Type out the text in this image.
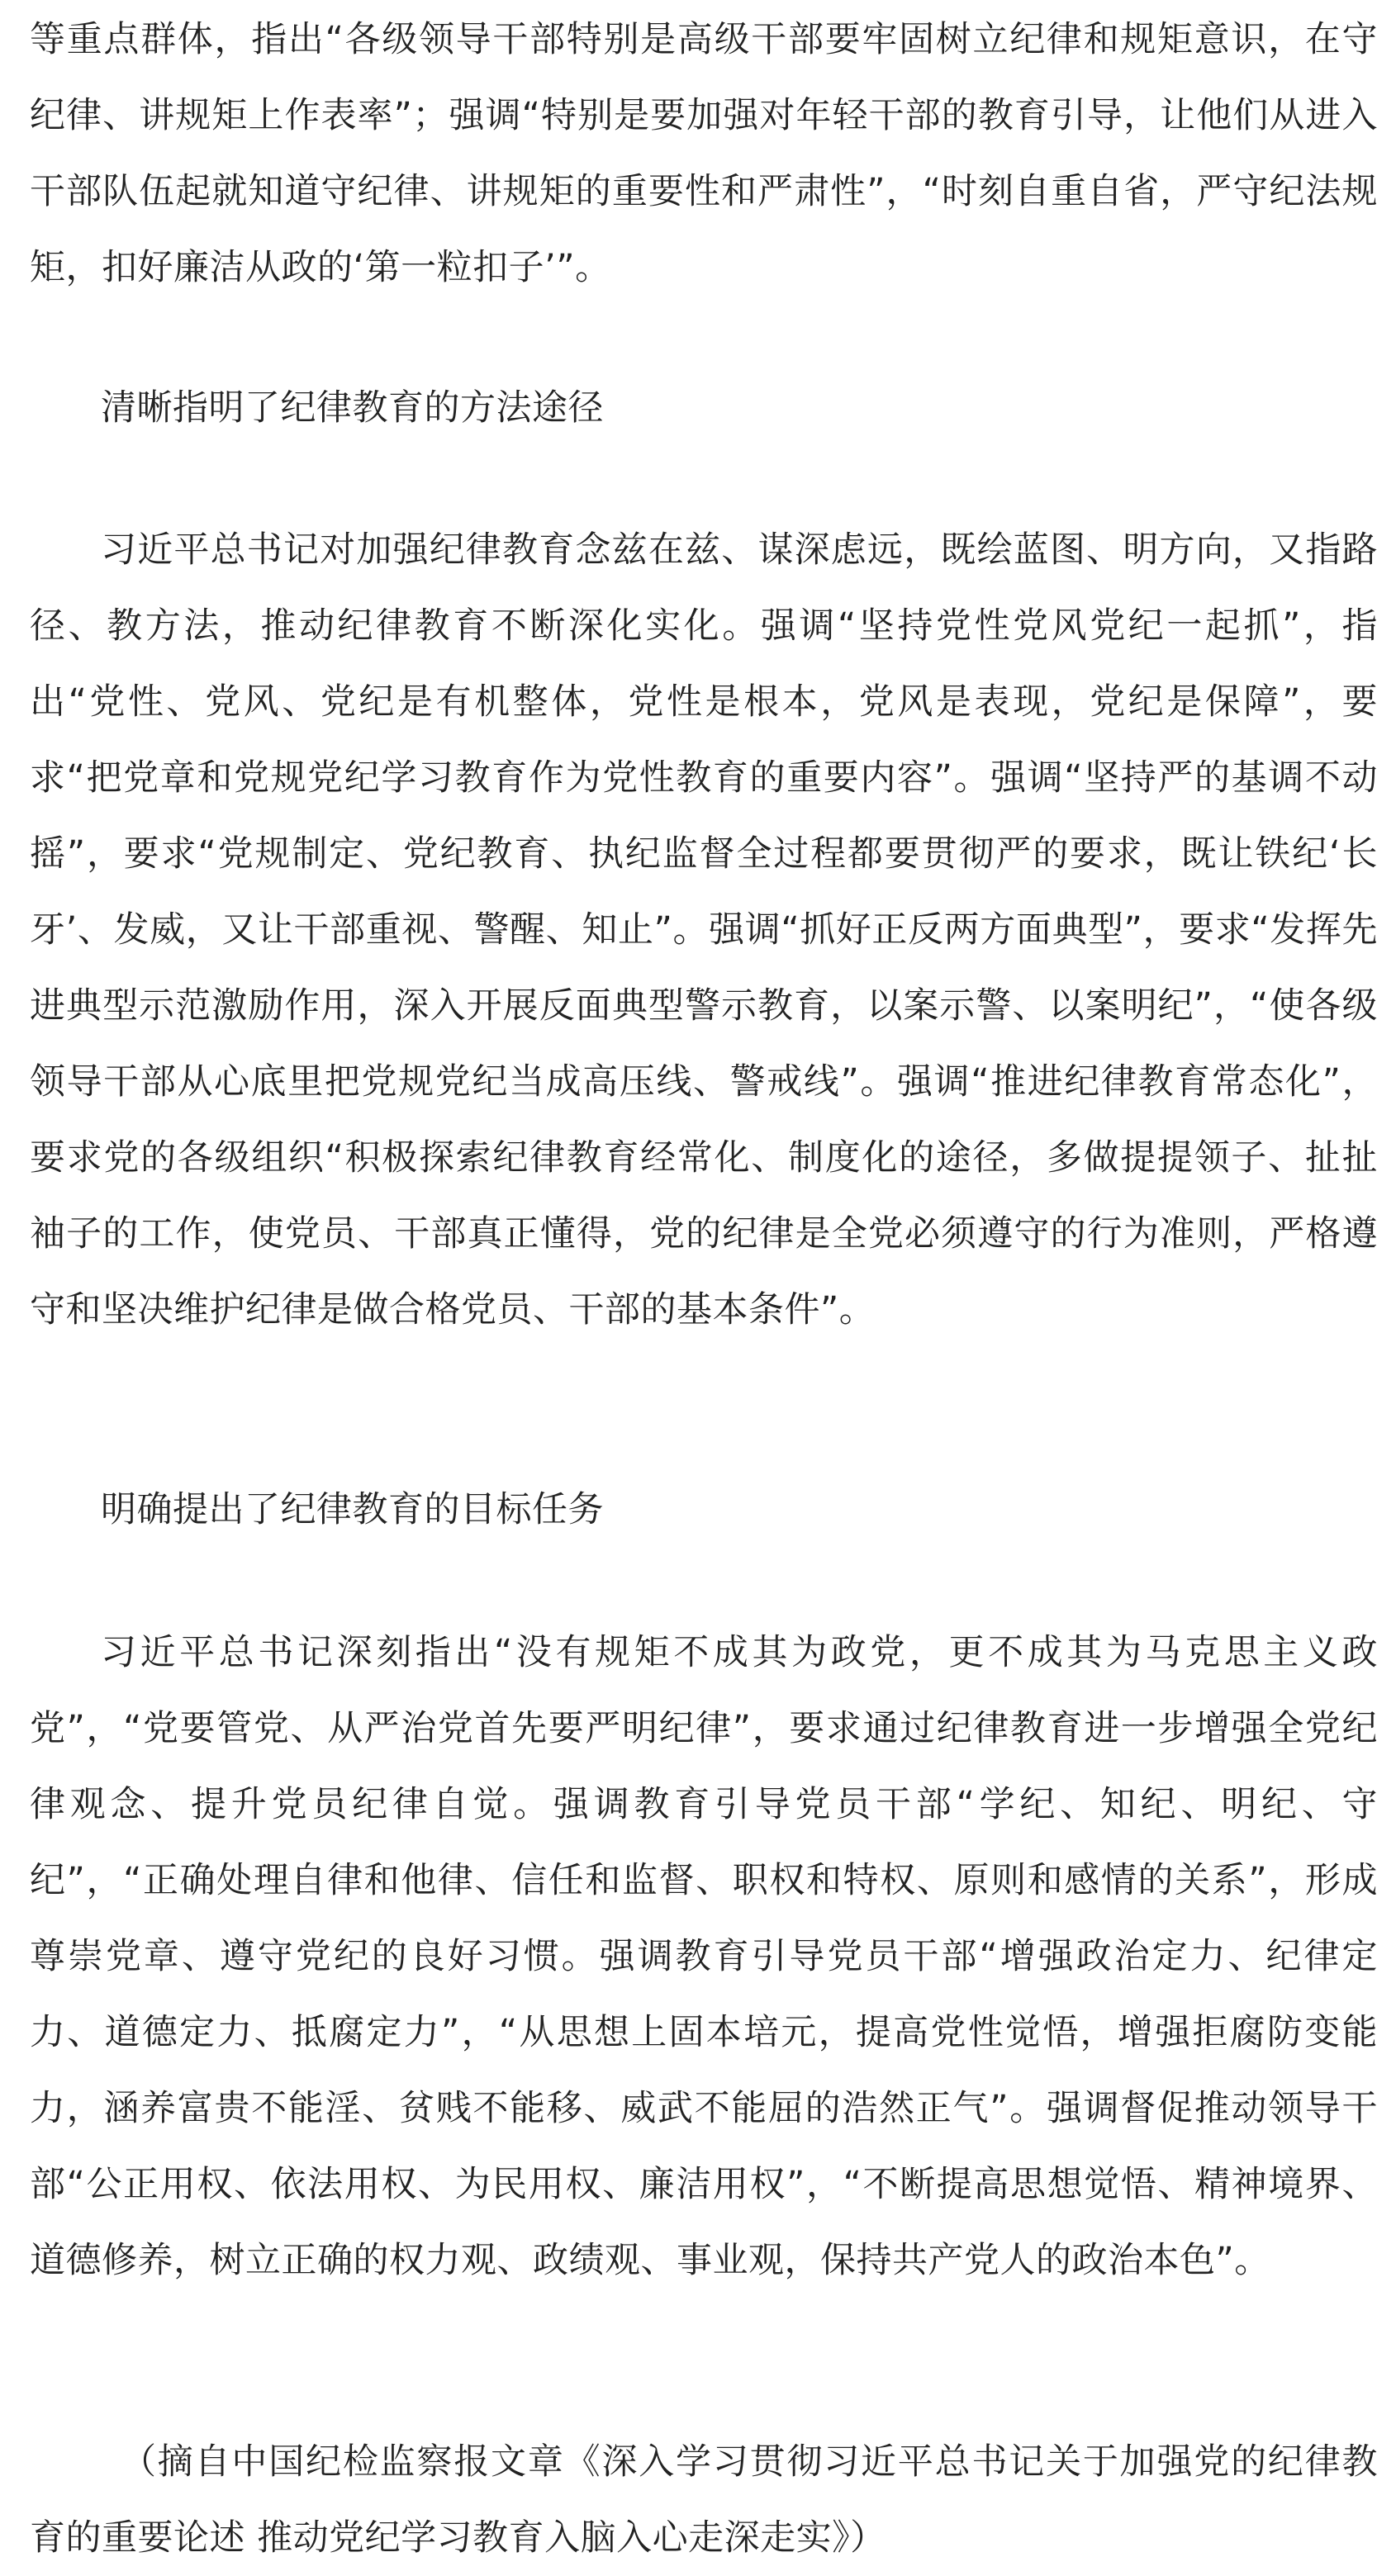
等重点群体，指出“各级领导干部特别是高级干部要牢固树立纪律和规矩意识，在守纪律、讲规矩上作表率”；强调“特别是要加强对年轻干部的教育引导，让他们从进入干部队伍起就知道守纪律、讲规矩的重要性和严肃性”，“时刻自重自省，严守纪法规矩，扣好廉洁从政的‘第一粒扣子’”。

清晰指明了纪律教育的方法途径

习近平总书记对加强纪律教育念兹在兹、谋深虑远，既绘蓝图、明方向，又指路径、教方法，推动纪律教育不断深化实化。强调“坚持党性党风党纪一起抓”，指出“党性、党风、党纪是有机整体，党性是根本，党风是表现，党纪是保障”，要求“把党章和党规党纪学习教育作为党性教育的重要内容”。强调“坚持严的基调不动摇”，要求“党规制定、党纪教育、执纪监督全过程都要贯彻严的要求，既让铁纪‘长牙’、发威，又让干部重视、警醒、知止”。强调“抓好正反两方面典型”，要求“发挥先进典型示范激励作用，深入开展反面典型警示教育，以案示警、以案明纪”，“使各级领导干部从心底里把党规党纪当成高压线、警戒线”。强调“推进纪律教育常态化”，要求党的各级组织“积极探索纪律教育经常化、制度化的途径，多做提提领子、扯扯袖子的工作，使党员、干部真正懂得，党的纪律是全党必须遵守的行为准则，严格遵守和坚决维护纪律是做合格党员、干部的基本条件”。

明确提出了纪律教育的目标任务

习近平总书记深刻指出“没有规矩不成其为政党，更不成其为马克思主义政党”，“党要管党、从严治党首先要严明纪律”，要求通过纪律教育进一步增强全党纪律观念、提升党员纪律自觉。强调教育引导党员干部“学纪、知纪、明纪、守纪”，“正确处理自律和他律、信任和监督、职权和特权、原则和感情的关系”，形成尊崇党章、遵守党纪的良好习惯。强调教育引导党员干部“增强政治定力、纪律定力、道德定力、抵腐定力”，“从思想上固本培元，提高党性觉悟，增强拒腐防变能力，涵养富贵不能淫、贫贱不能移、威武不能屈的浩然正气”。强调督促推动领导干部“公正用权、依法用权、为民用权、廉洁用权”，“不断提高思想觉悟、精神境界、道德修养，树立正确的权力观、政绩观、事业观，保持共产党人的政治本色”。

（摘自中国纪检监察报文章《深入学习贯彻习近平总书记关于加强党的纪律教育的重要论述 推动党纪学习教育入脑入心走深走实》）
